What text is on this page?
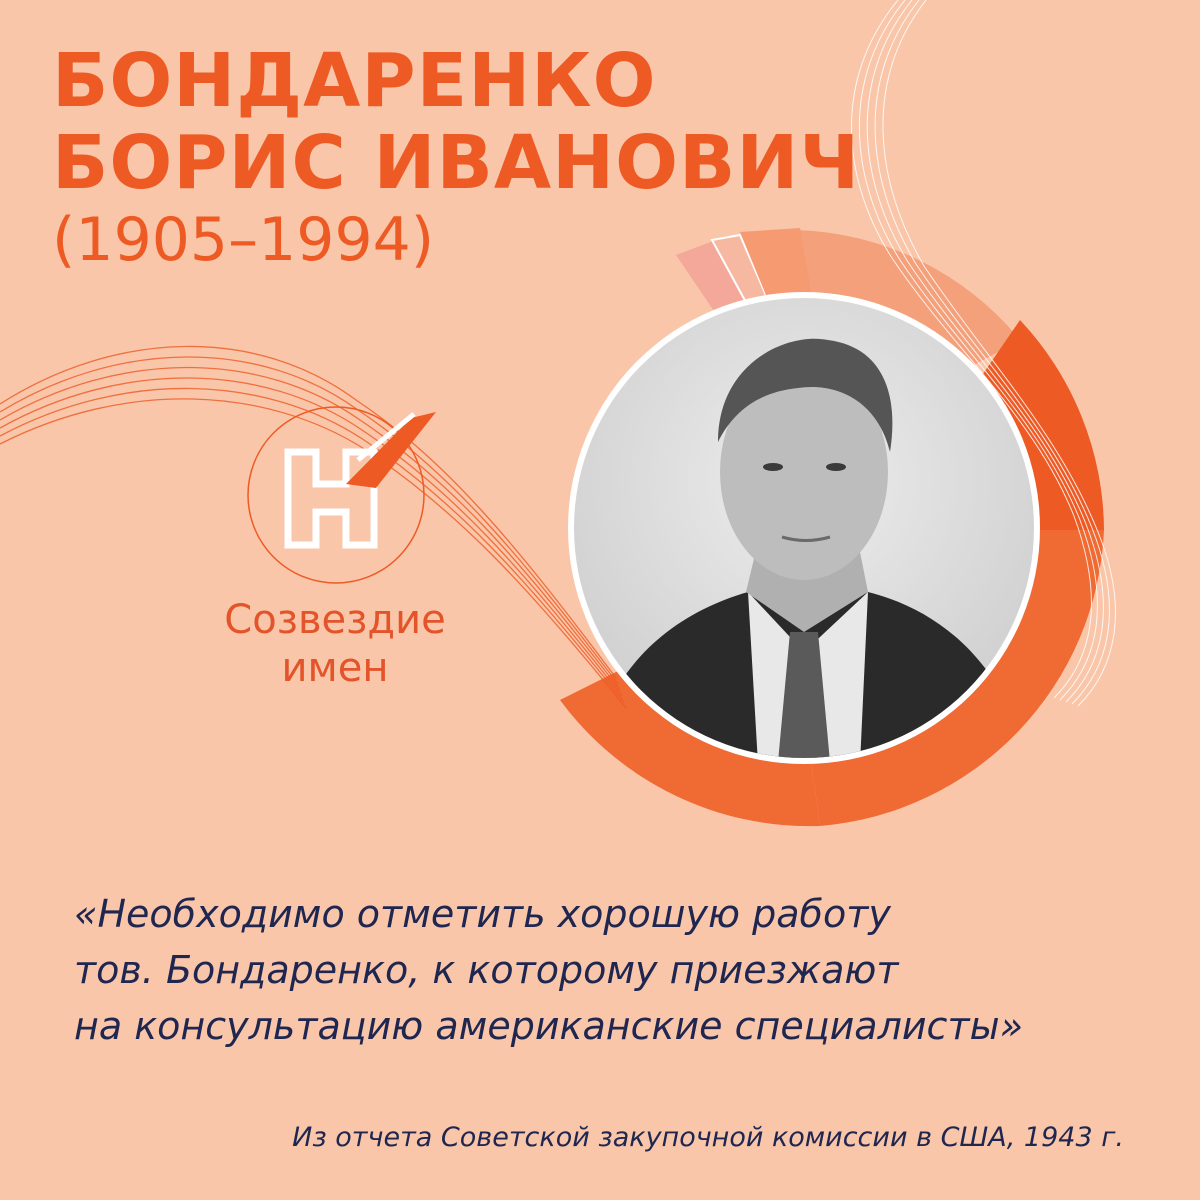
БОНДАРЕНКО
БОРИС ИВАНОВИЧ
(1905–1994)
Созвездие
имен
«Необходимо отметить хорошую работу
тов. Бондаренко, к которому приезжают
на консультацию американские специалисты»
Из отчета Советской закупочной комиссии в США, 1943 г.
